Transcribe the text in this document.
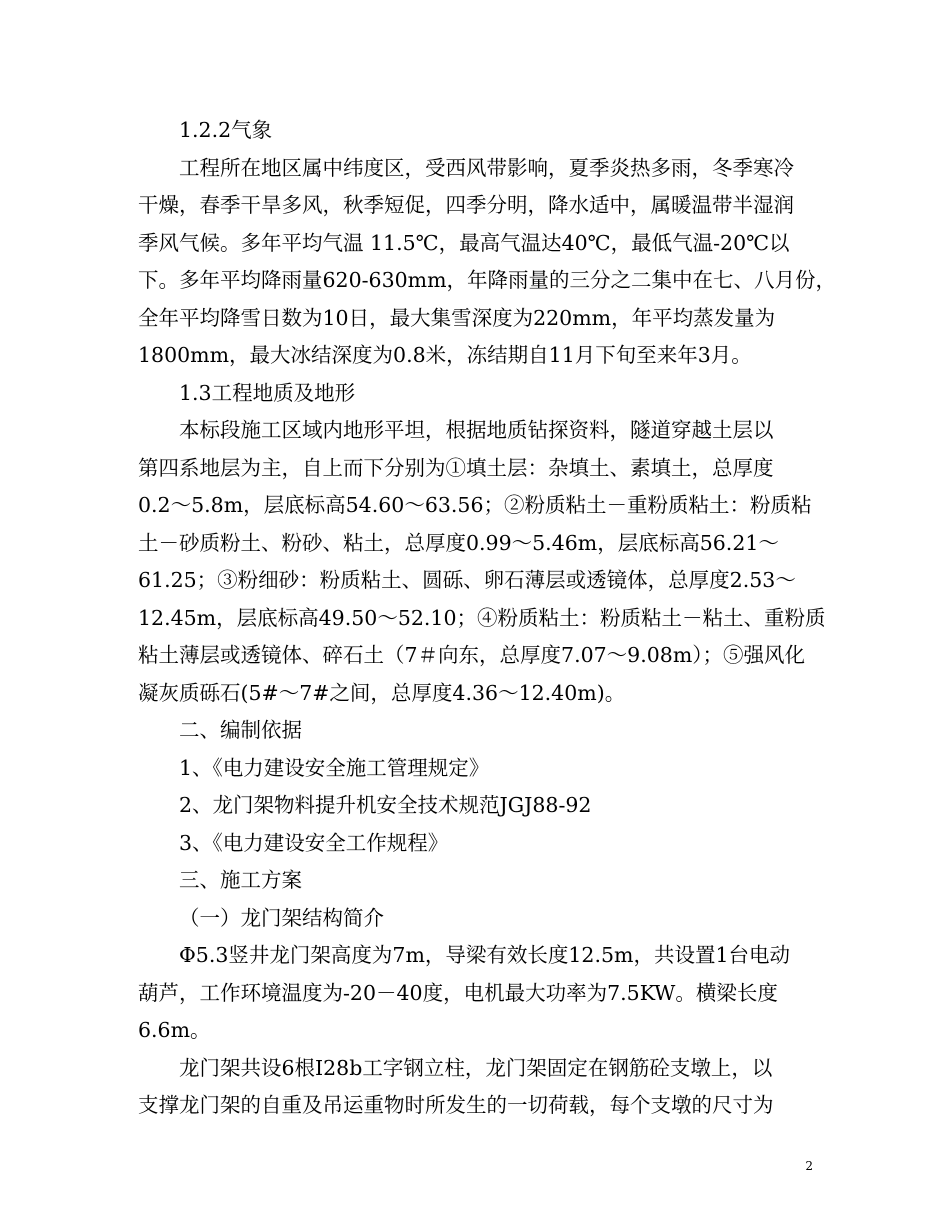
1.2.2气象
工程所在地区属中纬度区，受西风带影响，夏季炎热多雨，冬季寒冷
干燥，春季干旱多风，秋季短促，四季分明，降水适中，属暖温带半湿润
季风气候。多年平均气温 11.5℃，最高气温达40℃，最低气温-20℃以
下。多年平均降雨量620-630mm，年降雨量的三分之二集中在七、八月份，
全年平均降雪日数为10日，最大集雪深度为220mm，年平均蒸发量为
1800mm，最大冰结深度为0.8米，冻结期自11月下旬至来年3月。
1.3工程地质及地形
本标段施工区域内地形平坦，根据地质钻探资料，隧道穿越土层以
第四系地层为主，自上而下分别为①填土层：杂填土、素填土，总厚度
0.2～5.8m，层底标高54.60～63.56；②粉质粘土－重粉质粘土：粉质粘
土－砂质粉土、粉砂、粘土，总厚度0.99～5.46m，层底标高56.21～
61.25；③粉细砂：粉质粘土、圆砾、卵石薄层或透镜体，总厚度2.53～
12.45m，层底标高49.50～52.10；④粉质粘土：粉质粘土－粘土、重粉质
粘土薄层或透镜体、碎石土（7＃向东，总厚度7.07～9.08m）；⑤强风化
凝灰质砾石(5#～7#之间，总厚度4.36～12.40m)。
二、编制依据
1、《电力建设安全施工管理规定》
2、龙门架物料提升机安全技术规范JGJ88-92
3、《电力建设安全工作规程》
三、施工方案
（一）龙门架结构简介
Φ5.3竖井龙门架高度为7m，导梁有效长度12.5m，共设置1台电动
葫芦，工作环境温度为-20－40度，电机最大功率为7.5KW。横梁长度
6.6m。
龙门架共设6根I28b工字钢立柱，龙门架固定在钢筋砼支墩上，以
支撑龙门架的自重及吊运重物时所发生的一切荷载，每个支墩的尺寸为
2
